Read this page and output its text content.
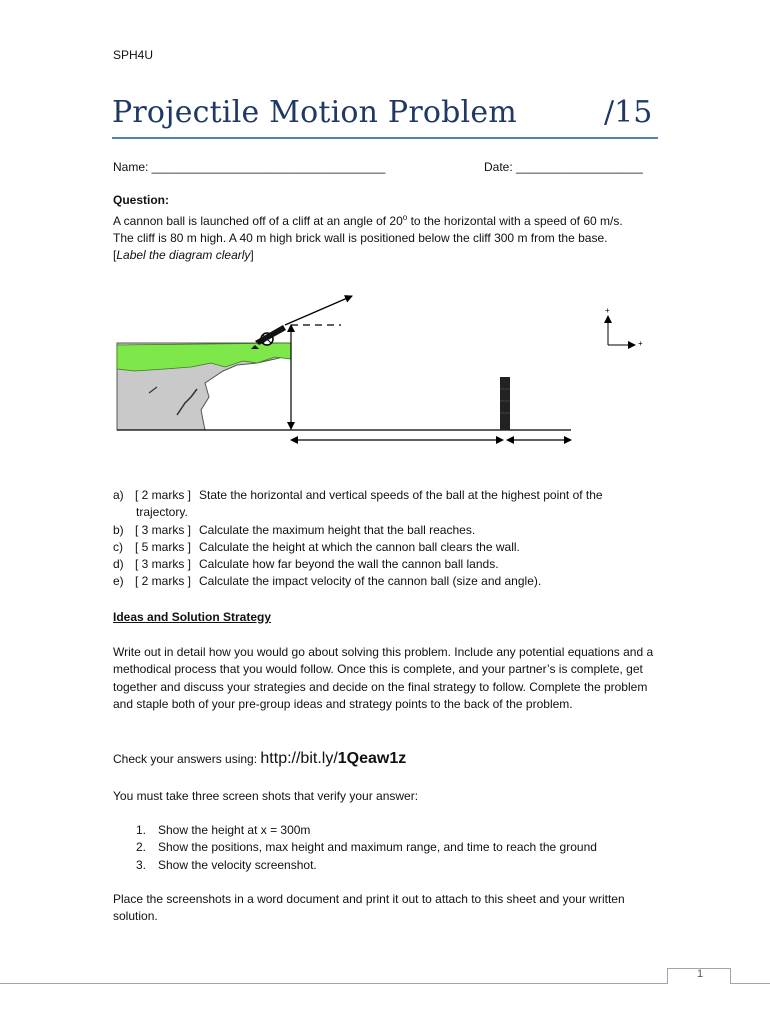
SPH4U
Projectile Motion Problem	/15
Name: ___________________________________	Date: ___________________
Question:
A cannon ball is launched off of a cliff at an angle of 20$^o$ to the horizontal with a speed of 60 m/s.
The cliff is 80 m high. A 40 m high brick wall is positioned below the cliff 300 m from the base.
[Label the diagram clearly]
+
+
a) [ 2 marks ] State the horizontal and vertical speeds of the ball at the highest point of the
trajectory.
b) [ 3 marks ] Calculate the maximum height that the ball reaches.
c)	[ 5 marks ] Calculate the height at which the cannon ball clears the wall.
d) [ 3 marks ] Calculate how far beyond the wall the cannon ball lands.
e) [ 2 marks ] Calculate the impact velocity of the cannon ball (size and angle).
Ideas and Solution Strategy
Write out in detail how you would go about solving this problem. Include any potential equations and a methodical process that you would follow. Once this is complete, and your partner’s is complete, get together and discuss your strategies and decide on the final strategy to follow. Complete the problem and staple both of your pre-group ideas and strategy points to the back of the problem.
Check your answers using: http://bit.ly/1Qeaw1z
You must take three screen shots that verify your answer:
1. Show the height at x = 300m
2. Show the positions, max height and maximum range, and time to reach the ground
3. Show the velocity screenshot.
Place the screenshots in a word document and print it out to attach to this sheet and your written solution.
1
